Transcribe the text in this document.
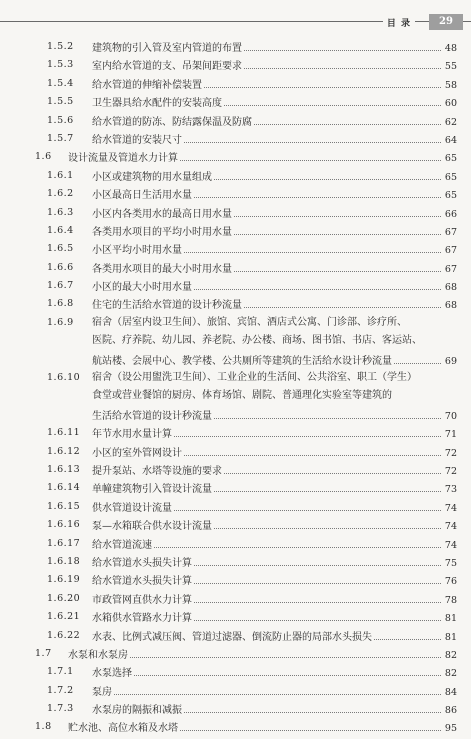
目 录	29
1.5.2 建筑物的引入管及室内管道的布置	48
1.5.3 室内给水管道的支、吊架间距要求	55
1.5.4 给水管道的伸缩补偿装置	58
1.5.5 卫生器具给水配件的安装高度	60
1.5.6 给水管道的防冻、防结露保温及防腐	62
1.5.7 给水管道的安装尺寸	64
1.6 设计流量及管道水力计算	65
1.6.1 小区或建筑物的用水量组成	65
1.6.2 小区最高日生活用水量	65
1.6.3 小区内各类用水的最高日用水量	66
1.6.4 各类用水项目的平均小时用水量	67
1.6.5 小区平均小时用水量	67
1.6.6 各类用水项目的最大小时用水量	67
1.6.7 小区的最大小时用水量	68
1.6.8 住宅的生活给水管道的设计秒流量	68
1.6.9 宿舍（居室内设卫生间）、旅馆、宾馆、酒店式公寓、门诊部、诊疗所、
医院、疗养院、幼儿园、养老院、办公楼、商场、图书馆、书店、客运站、
航站楼、会展中心、教学楼、公共厕所等建筑的生活给水设计秒流量	69
1.6.10 宿舍（设公用盥洗卫生间）、工业企业的生活间、公共浴室、职工（学生）
食堂或营业餐馆的厨房、体育场馆、剧院、普通理化实验室等建筑的
生活给水管道的设计秒流量	70
1.6.11 年节水用水量计算	71
1.6.12 小区的室外管网设计	72
1.6.13 提升泵站、水塔等设施的要求	72
1.6.14 单幢建筑物引入管设计流量	73
1.6.15 供水管道设计流量	74
1.6.16 泵—水箱联合供水设计流量	74
1.6.17 给水管道流速	74
1.6.18 给水管道水头损失计算	75
1.6.19 给水管道水头损失计算	76
1.6.20 市政管网直供水力计算	78
1.6.21 水箱供水管路水力计算	81
1.6.22 水表、比例式减压阀、管道过滤器、倒流防止器的局部水头损失	81
1.7 水泵和水泵房	82
1.7.1 水泵选择	82
1.7.2 泵房	84
1.7.3 水泵房的隔振和减振	86
1.8 贮水池、高位水箱及水塔	95
